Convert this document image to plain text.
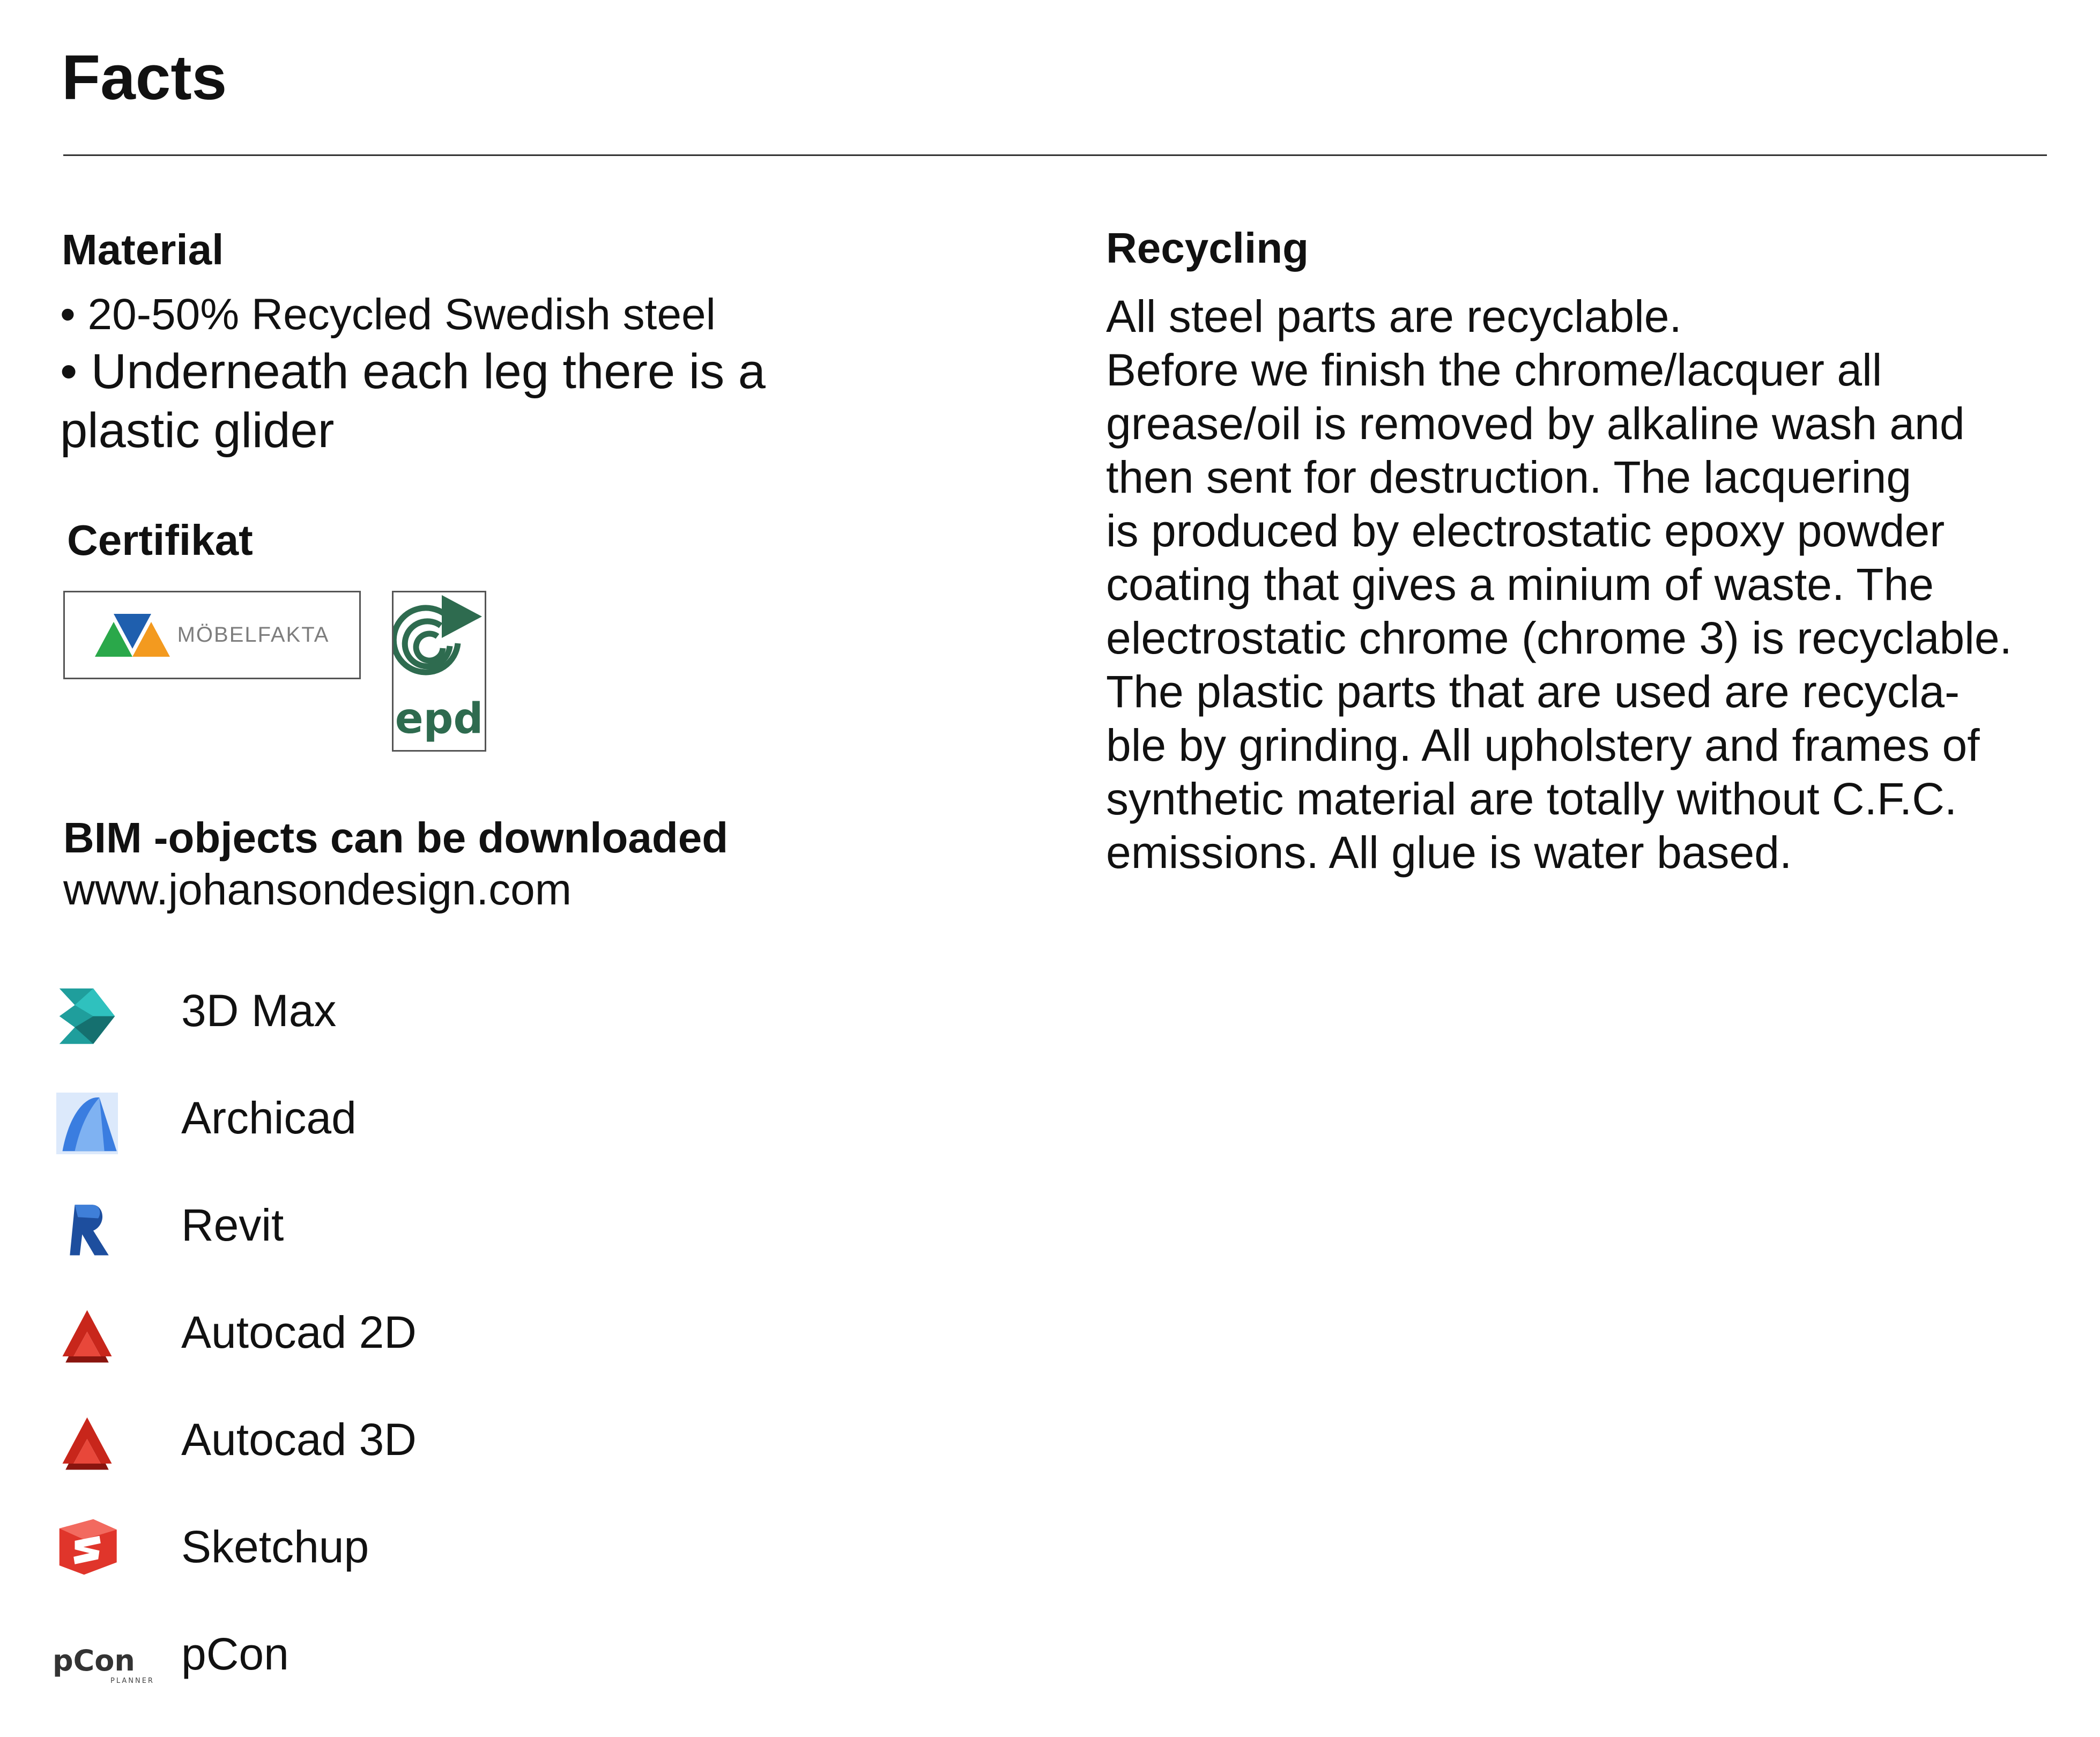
Facts
Material
• 20-50% Recycled Swedish steel
• Underneath each leg there is a
plastic glider
Certifikat
MÖBELFAKTA
epd
BIM -objects can be downloaded
www.johansondesign.com
3D Max
Archicad
Revit
Autocad 2D
Autocad 3D
Sketchup
pCon
PLANNER
pCon
Recycling
All steel parts are recyclable.
Before we finish the chrome/lacquer all
grease/oil is removed by alkaline wash and
then sent for destruction. The lacquering
is produced by electrostatic epoxy powder
coating that gives a minium of waste. The
electrostatic chrome (chrome 3) is recyclable.
The plastic parts that are used are recycla-
ble by grinding. All upholstery and frames of
synthetic material are totally without C.F.C.
emissions. All glue is water based.
